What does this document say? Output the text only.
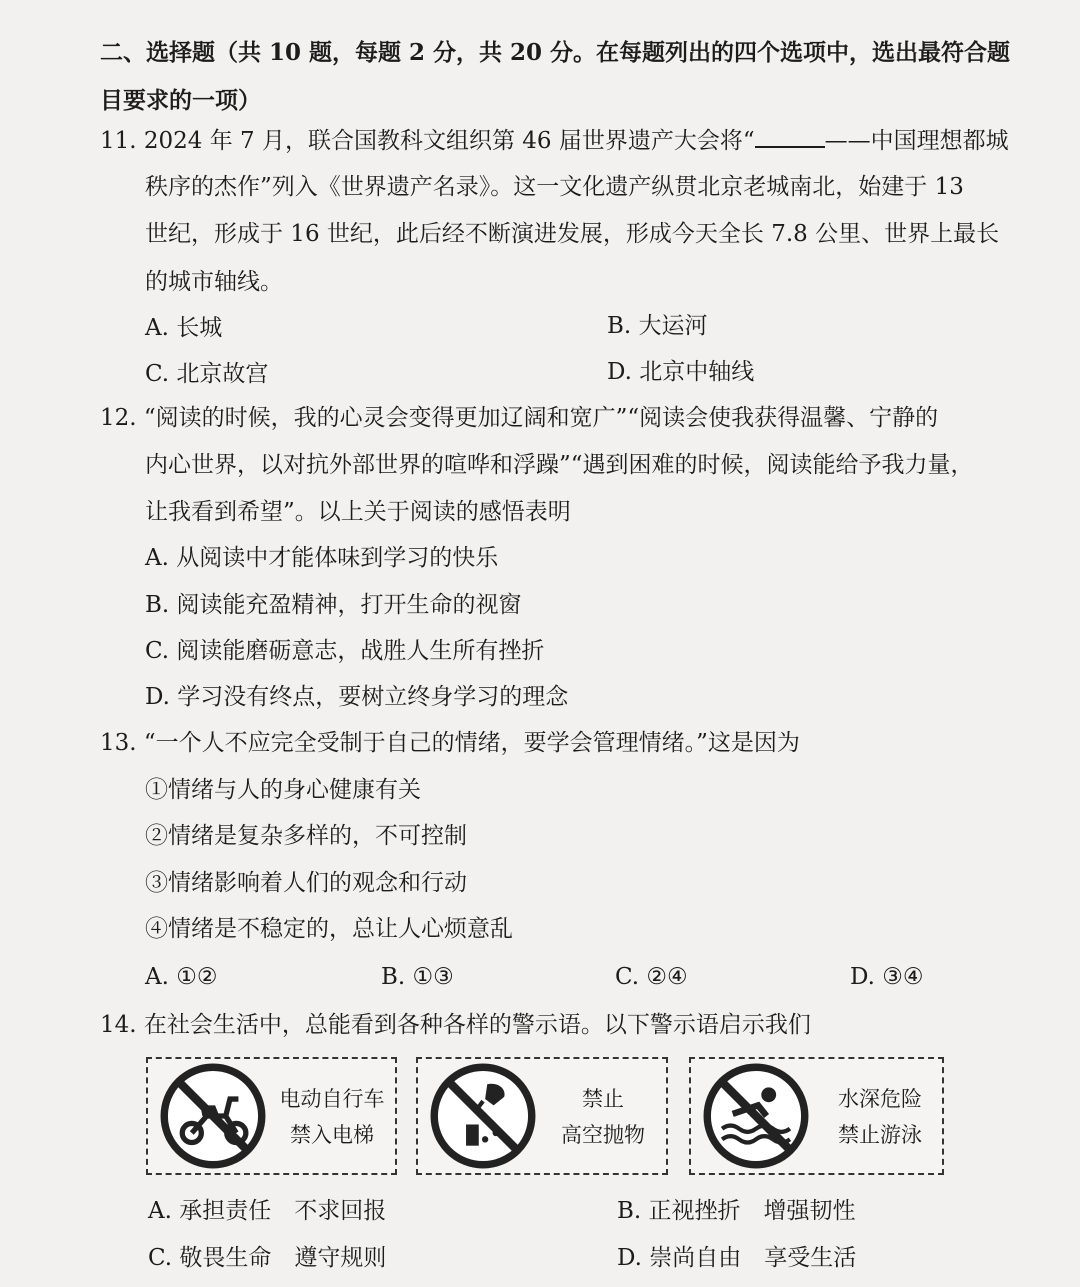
二、选择题（共 10 题，每题 2 分，共 20 分。在每题列出的四个选项中，选出最符合题
目要求的一项）
11. 2024 年 7 月，联合国教科文组织第 46 届世界遗产大会将“	——中国理想都城
秩序的杰作”列入《世界遗产名录》。这一文化遗产纵贯北京老城南北，始建于 13
世纪，形成于 16 世纪，此后经不断演进发展，形成今天全长 7.8 公里、世界上最长
的城市轴线。
A. 长城	B. 大运河
C. 北京故宫	D. 北京中轴线
12. “阅读的时候，我的心灵会变得更加辽阔和宽广”“阅读会使我获得温馨、宁静的
内心世界，以对抗外部世界的喧哗和浮躁”“遇到困难的时候，阅读能给予我力量，
让我看到希望”。以上关于阅读的感悟表明
A. 从阅读中才能体味到学习的快乐
B. 阅读能充盈精神，打开生命的视窗
C. 阅读能磨砺意志，战胜人生所有挫折
D. 学习没有终点，要树立终身学习的理念
13. “一个人不应完全受制于自己的情绪，要学会管理情绪。”这是因为
①情绪与人的身心健康有关
②情绪是复杂多样的，不可控制
③情绪影响着人们的观念和行动
④情绪是不稳定的，总让人心烦意乱
A. ①②	B. ①③	C. ②④	D. ③④
14. 在社会生活中，总能看到各种各样的警示语。以下警示语启示我们
电动自行车
禁入电梯
禁止
高空抛物
水深危险
禁止游泳
A. 承担责任　不求回报	B. 正视挫折　增强韧性
C. 敬畏生命　遵守规则	D. 崇尚自由　享受生活
